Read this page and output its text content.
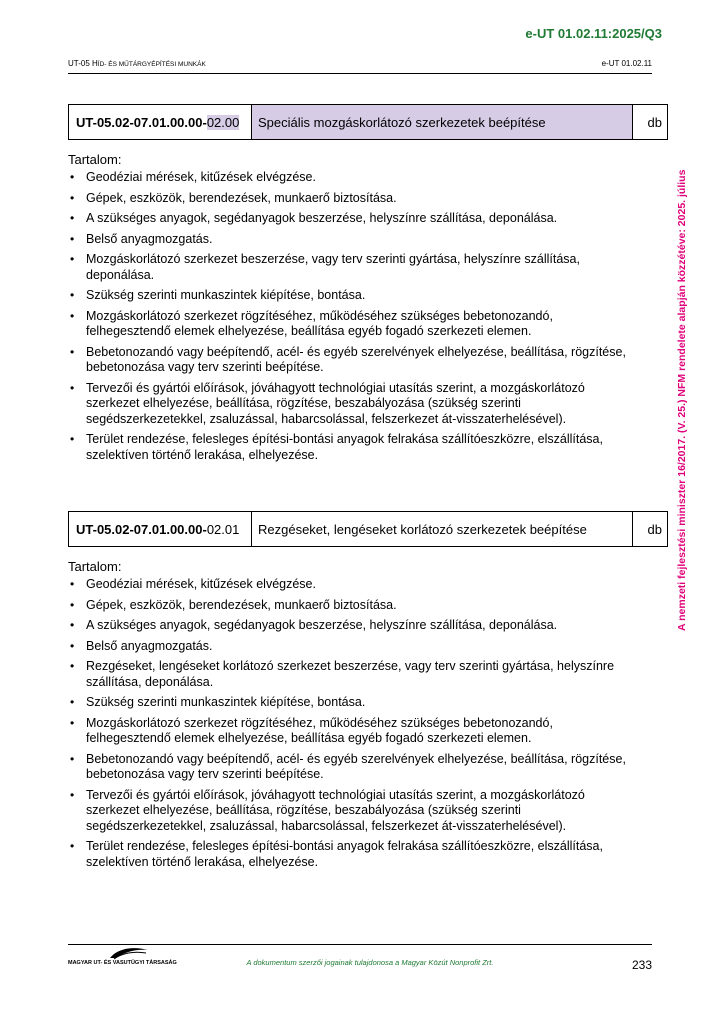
e-UT 01.02.11:2025/Q3
UT-05 HÍD- ÉS MŰTÁRGYÉPÍTÉSI MUNKÁK	e-UT 01.02.11
A nemzeti fejlesztési miniszter 16/2017. (V. 25.) NFM rendelete alapján közzétéve: 2025. július
UT-05.02-07.01.00.00- 02.00	Speciális mozgáskorlátozó szerkezetek beépítése	db
Tartalom:
• Geodéziai mérések, kitűzések elvégzése.
• Gépek, eszközök, berendezések, munkaerő biztosítása.
• A szükséges anyagok, segédanyagok beszerzése, helyszínre szállítása, deponálása.
• Belső anyagmozgatás.
• Mozgáskorlátozó szerkezet beszerzése, vagy terv szerinti gyártása, helyszínre szállítása, deponálása.
• Szükség szerinti munkaszintek kiépítése, bontása.
• Mozgáskorlátozó szerkezet rögzítéséhez, működéséhez szükséges bebetonozandó, felhegesztendő elemek elhelyezése, beállítása egyéb fogadó szerkezeti elemen.
• Bebetonozandó vagy beépítendő, acél- és egyéb szerelvények elhelyezése, beállítása, rögzítése, bebetonozása vagy terv szerinti beépítése.
• Tervezői és gyártói előírások, jóváhagyott technológiai utasítás szerint, a mozgáskorlátozó szerkezet elhelyezése, beállítása, rögzítése, beszabályozása (szükség szerinti segédszerkezetekkel, zsaluzással, habarcsolással, felszerkezet át-visszaterhelésével).
• Terület rendezése, felesleges építési-bontási anyagok felrakása szállítóeszközre, elszállítása, szelektíven történő lerakása, elhelyezése.
UT-05.02-07.01.00.00- 02.01	Rezgéseket, lengéseket korlátozó szerkezetek beépítése	db
Tartalom:
• Geodéziai mérések, kitűzések elvégzése.
• Gépek, eszközök, berendezések, munkaerő biztosítása.
• A szükséges anyagok, segédanyagok beszerzése, helyszínre szállítása, deponálása.
• Belső anyagmozgatás.
• Rezgéseket, lengéseket korlátozó szerkezet beszerzése, vagy terv szerinti gyártása, helyszínre szállítása, deponálása.
• Szükség szerinti munkaszintek kiépítése, bontása.
• Mozgáskorlátozó szerkezet rögzítéséhez, működéséhez szükséges bebetonozandó, felhegesztendő elemek elhelyezése, beállítása egyéb fogadó szerkezeti elemen.
• Bebetonozandó vagy beépítendő, acél- és egyéb szerelvények elhelyezése, beállítása, rögzítése, bebetonozása vagy terv szerinti beépítése.
• Tervezői és gyártói előírások, jóváhagyott technológiai utasítás szerint, a mozgáskorlátozó szerkezet elhelyezése, beállítása, rögzítése, beszabályozása (szükség szerinti segédszerkezetekkel, zsaluzással, habarcsolással, felszerkezet át-visszaterhelésével).
• Terület rendezése, felesleges építési-bontási anyagok felrakása szállítóeszközre, elszállítása, szelektíven történő lerakása, elhelyezése.
MAGYAR UT- ÉS VASUTÜGYI TÁRSASÁG	A dokumentum szerzői jogainak tulajdonosa a Magyar Közút Nonprofit Zrt.	233
